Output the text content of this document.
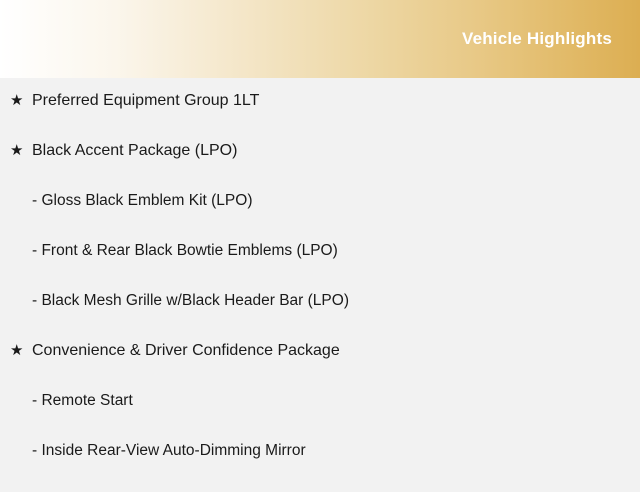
Vehicle Highlights
★ Preferred Equipment Group 1LT
★ Black Accent Package (LPO)
- Gloss Black Emblem Kit (LPO)
- Front & Rear Black Bowtie Emblems (LPO)
- Black Mesh Grille w/Black Header Bar (LPO)
★ Convenience & Driver Confidence Package
- Remote Start
- Inside Rear-View Auto-Dimming Mirror
